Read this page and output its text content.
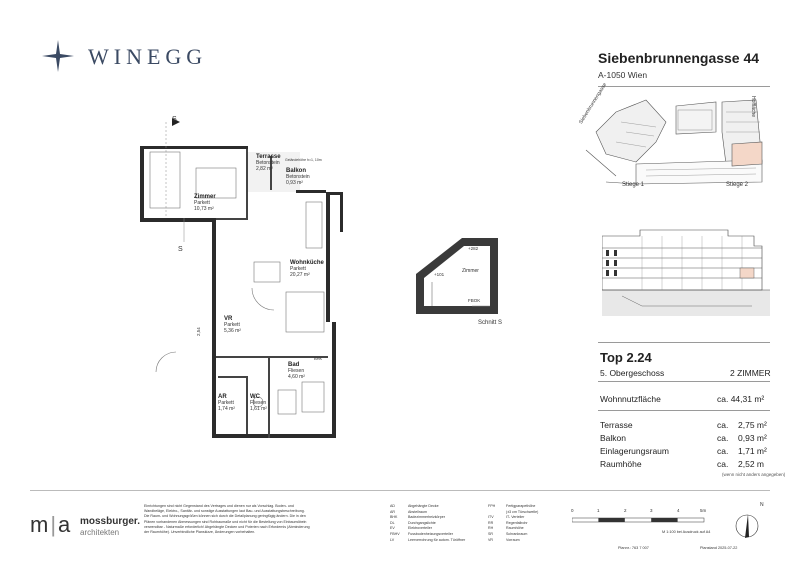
WINEGG	Siebenbrunnengasse 44
A-1050 Wien
Siebenbrunnengasse	Hoffläche
Stiege 1	Stiege 2
+282
+101
Zimmer
FBOK
Schnitt S
S
S
2,54
Geländehöhe h=1, 10m
BHK
Terrasse
Betonstein
2,82 m²	Balkon
Betonstein
0,93 m²
Zimmer
Parkett
10,73 m²
Wohnküche
Parkett
20,27 m²
VR
Parkett
5,36 m²
Bad
Fliesen
4,60 m²
AR
Parkett
1,74 m²
WC
Fliesen
1,61 m²
Top 2.24
5. Obergeschoss	2 ZIMMER
Wohnnutzfläche	ca. 44,31 m²
Terrasse	ca. 2,75 m²
Balkon	ca. 0,93 m²
Einlagerungsraum	ca. 1,71 m²
Raumhöhe	ca. 2,52 m
(wenn nicht anders angegeben)
m|a mossburger.
architekten
Einrichtungen sind nicht Gegenstand des Vertrages und dienen nur als Vorschlag. Boden- und
Wandbeläge, Elektro-, Sanitär- und sonstige Ausstattungen laut Bau- und Ausstattungsbeschreibung.
Die Raum- und Wohnungsgrößen können sich durch die Detailplanung geringfügig ändern. Die in den
Plänen vorhandenen Abmessungen sind Rohbaumaße und nicht für die Bestellung von Einbaumöbeln
verwendbar - Naturmaße erforderlich! Abgehängte Decken und Poterien nach Erfordernis (Abminderung
der Raumhöhe). Unverbindliche Planskizze, Änderungen vorbehalten.
AD	Abgehängte Decke
AR	Abstellraum
BHK	Badezimmerheizkörper
DL	Durchgangslichte
EV	Elektroverteiler
FBHV Fussbodenheizungsverteiler
LV	Leerverrohrung für autom. Türöffner
FPH	Fertigparapethöhe
(±3 cm Türschwelle)
ITV	IT- Verteiler
RR	Regenfallrohr
RH	Raumhöhe
SR	Schrankraum
VR	Vorraum
0	1	2	3	4	5m
M 1:100 bei Ausdruck auf A4
N
Plannr.: 763 7 007	Planstand 2025-07-22
